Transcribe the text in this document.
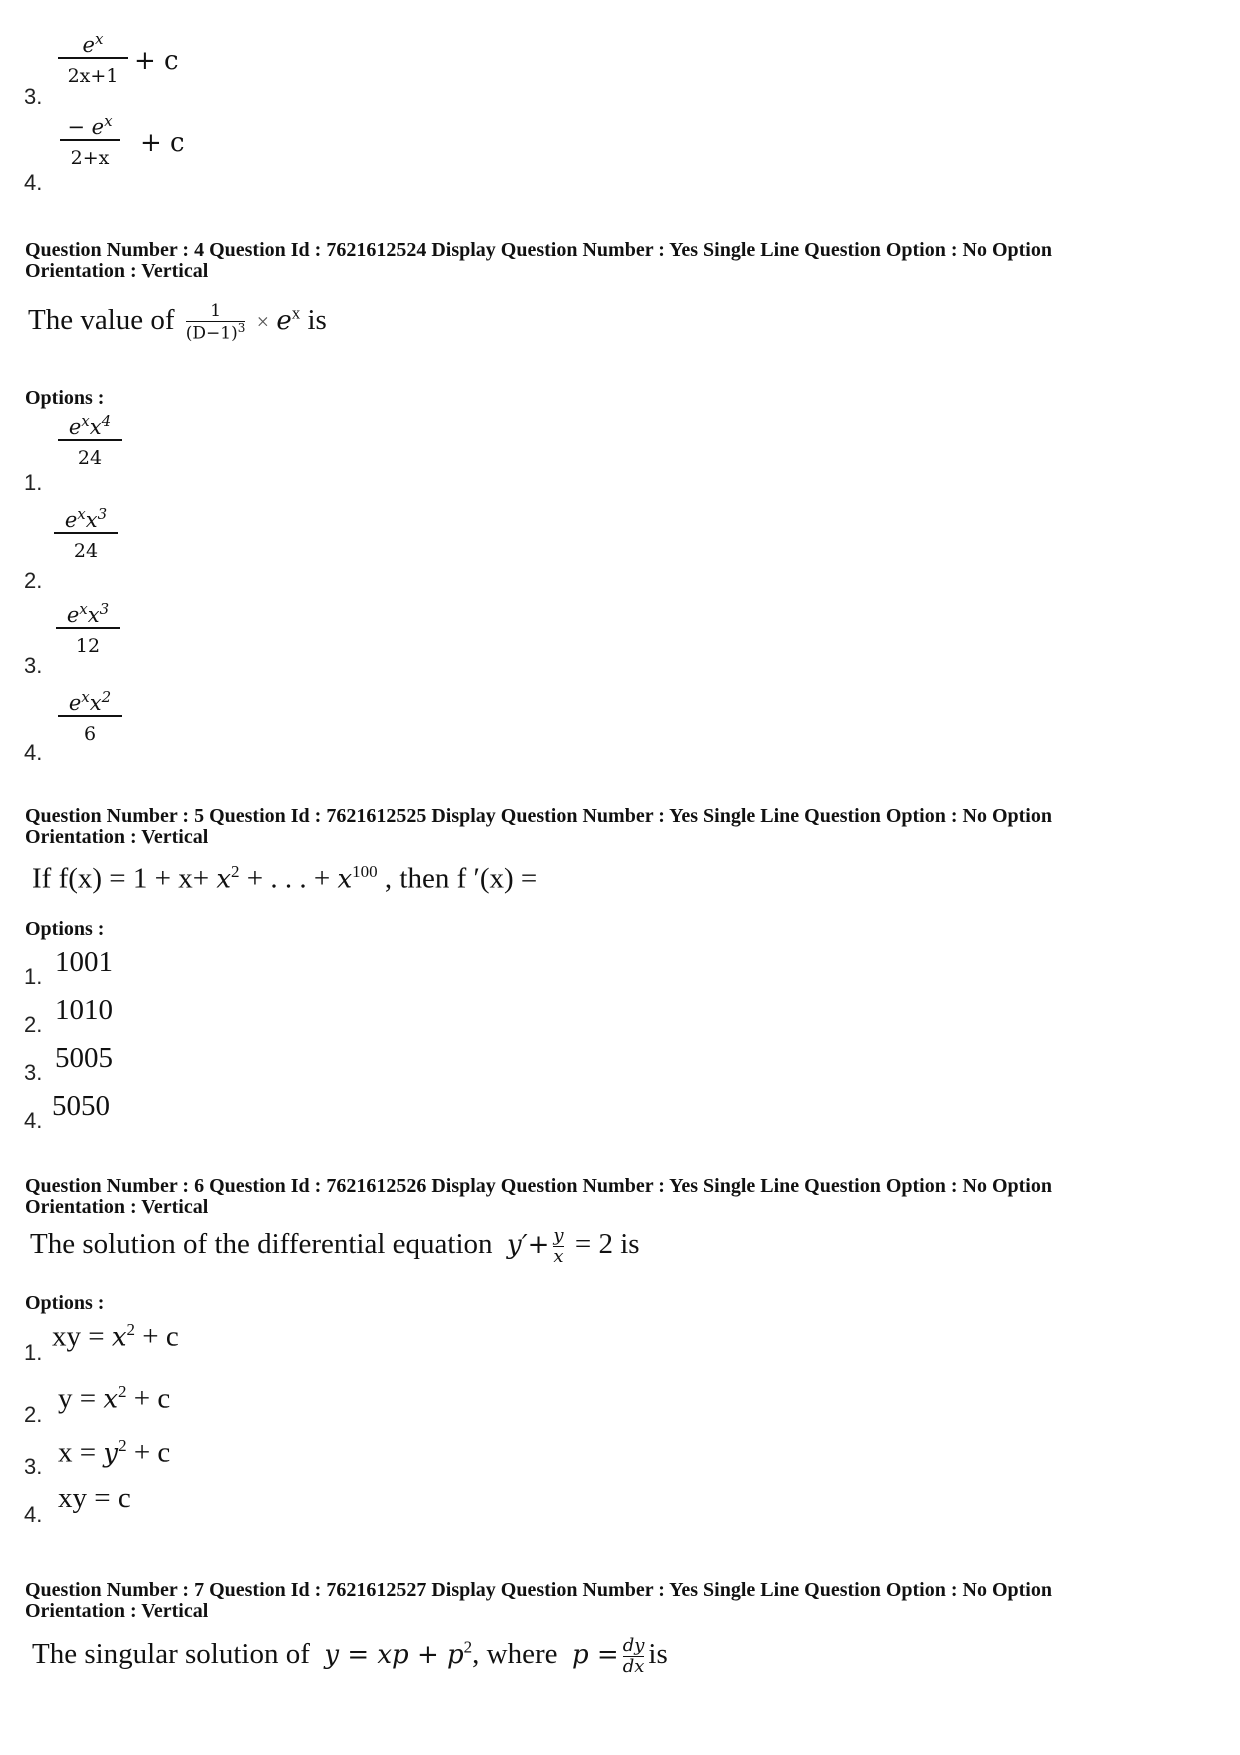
3.
$\frac{e^x}{2x+1} + c$
4.
$\frac{- e^x}{2+x} + c$
Question Number : 4 Question Id : 7621612524 Display Question Number : Yes Single Line Question Option : No Option
Orientation : Vertical
The value of $\frac{1}{(D-1)^3} \times e^x$ is
Options :
1.
$e^xx^4$
24
2.
$e^xx^3$
24
3.
$e^xx^3$
12
4.
$e^xx^2$
6
Question Number : 5 Question Id : 7621612525 Display Question Number : Yes Single Line Question Option : No Option
Orientation : Vertical
If $f(x) = 1 + x+ x^2$ + . . . + $x^{100}$ , then f ′(x) =
Options :
1. 1001
2. 1010
3. 5005
4. 5050
Question Number : 6 Question Id : 7621612526 Display Question Number : Yes Single Line Question Option : No Option
Orientation : Vertical
The solution of the differential equation $y'+ \frac{y}{x} = 2$ is
Options :
1. xy = $x^2 + c$
2. $y = x^2 + c$
3. $x = y^2 + c$
4.
xy = c
Question Number : 7 Question Id : 7621612527 Display Question Number : Yes Single Line Question Option : No Option
Orientation : Vertical
The singular solution of y = xp + $p^2$, where $p = \frac{dy}{dx}$ is
